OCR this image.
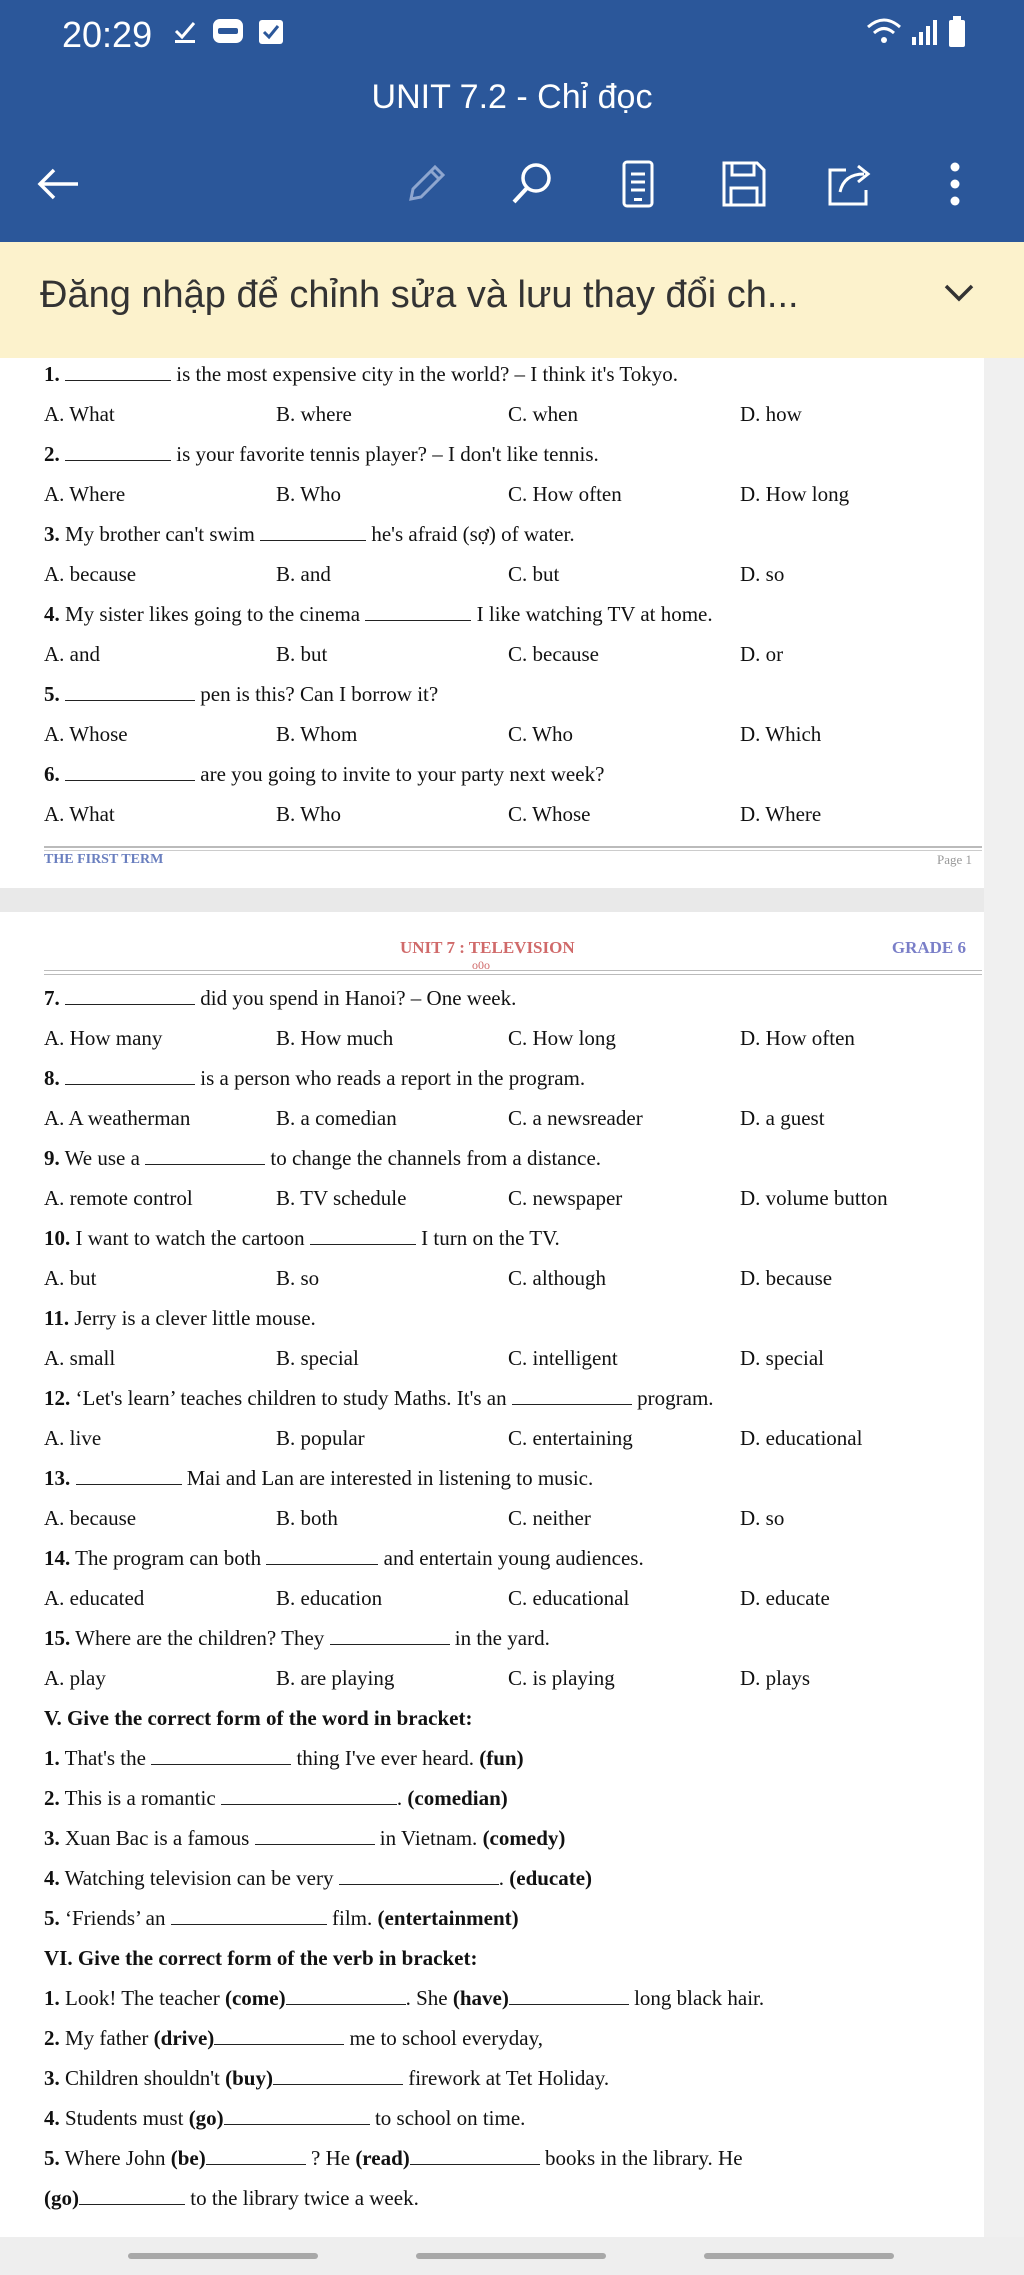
20:29
UNIT 7.2 - Chỉ đọc
Đăng nhập để chỉnh sửa và lưu thay đổi ch...
1.	is the most expensive city in the world? – I think it's Tokyo.
A. What	B. where	C. when	D. how
2.	is your favorite tennis player? – I don't like tennis.
A. Where	B. Who	C. How often	D. How long
3. My brother can't swim	he's afraid (sợ) of water.
A. because	B. and	C. but	D. so
4. My sister likes going to the cinema	I like watching TV at home.
A. and	B. but	C. because	D. or
5.	pen is this? Can I borrow it?
A. Whose	B. Whom	C. Who	D. Which
6.	are you going to invite to your party next week?
A. What	B. Who	C. Whose	D. Where
THE FIRST TERM	Page 1
UNIT 7 : TELEVISION
o0o
GRADE 6
7.	did you spend in Hanoi? – One week.
A. How many	B. How much	C. How long	D. How often
8.	is a person who reads a report in the program.
A. A weatherman	B. a comedian	C. a newsreader	D. a guest
9. We use a	to change the channels from a distance.
A. remote control	B. TV schedule	C. newspaper	D. volume button
10. I want to watch the cartoon	I turn on the TV.
A. but	B. so	C. although	D. because
11. Jerry is a clever little mouse.
A. small	B. special	C. intelligent	D. special
12. ‘Let's learn’ teaches children to study Maths. It's an	program.
A. live	B. popular	C. entertaining	D. educational
13.	Mai and Lan are interested in listening to music.
A. because	B. both	C. neither	D. so
14. The program can both	and entertain young audiences.
A. educated	B. education	C. educational	D. educate
15. Where are the children? They	in the yard.
A. play	B. are playing	C. is playing	D. plays
V. Give the correct form of the word in bracket:
1. That's the	thing I've ever heard. (fun)
2. This is a romantic	. (comedian)
3. Xuan Bac is a famous	in Vietnam. (comedy)
4. Watching television can be very	. (educate)
5. ‘Friends’ an	film. (entertainment)
VI. Give the correct form of the verb in bracket:
1. Look! The teacher (come)	. She (have)	long black hair.
2. My father (drive)	me to school everyday,
3. Children shouldn't (buy)	firework at Tet Holiday.
4. Students must (go)	to school on time.
5. Where John (be)	? He (read)	books in the library. He
(go)	to the library twice a week.
